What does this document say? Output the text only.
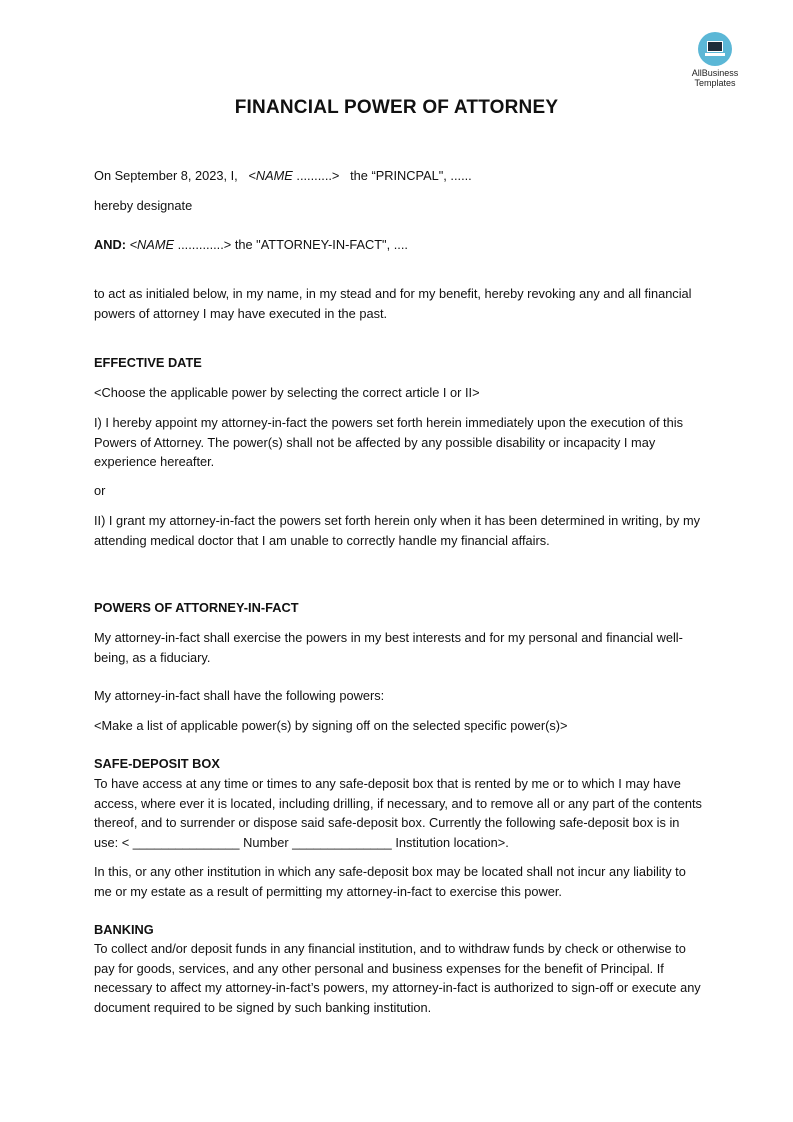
AllBusiness
Templates
FINANCIAL POWER OF ATTORNEY
On September 8, 2023, I, <NAME ..........> the “PRINCPAL", ......
hereby designate
AND: <NAME .............> the "ATTORNEY-IN-FACT", ....
to act as initialed below, in my name, in my stead and for my benefit, hereby revoking any and all financial powers of attorney I may have executed in the past.
EFFECTIVE DATE
<Choose the applicable power by selecting the correct article I or II>
I) I hereby appoint my attorney-in-fact the powers set forth herein immediately upon the execution of this Powers of Attorney. The power(s) shall not be affected by any possible disability or incapacity I may experience hereafter.
or
II) I grant my attorney-in-fact the powers set forth herein only when it has been determined in writing, by my attending medical doctor that I am unable to correctly handle my financial affairs.
POWERS OF ATTORNEY-IN-FACT
My attorney-in-fact shall exercise the powers in my best interests and for my personal and financial well-being, as a fiduciary.
My attorney-in-fact shall have the following powers:
<Make a list of applicable power(s) by signing off on the selected specific power(s)>
SAFE-DEPOSIT BOX
To have access at any time or times to any safe-deposit box that is rented by me or to which I may have access, where ever it is located, including drilling, if necessary, and to remove all or any part of the contents thereof, and to surrender or dispose said safe-deposit box. Currently the following safe-deposit box is in use: < _______________ Number ______________ Institution location>.
In this, or any other institution in which any safe-deposit box may be located shall not incur any liability to me or my estate as a result of permitting my attorney-in-fact to exercise this power.
BANKING
To collect and/or deposit funds in any financial institution, and to withdraw funds by check or otherwise to pay for goods, services, and any other personal and business expenses for the benefit of Principal. If necessary to affect my attorney-in-fact’s powers, my attorney-in-fact is authorized to sign-off or execute any document required to be signed by such banking institution.
